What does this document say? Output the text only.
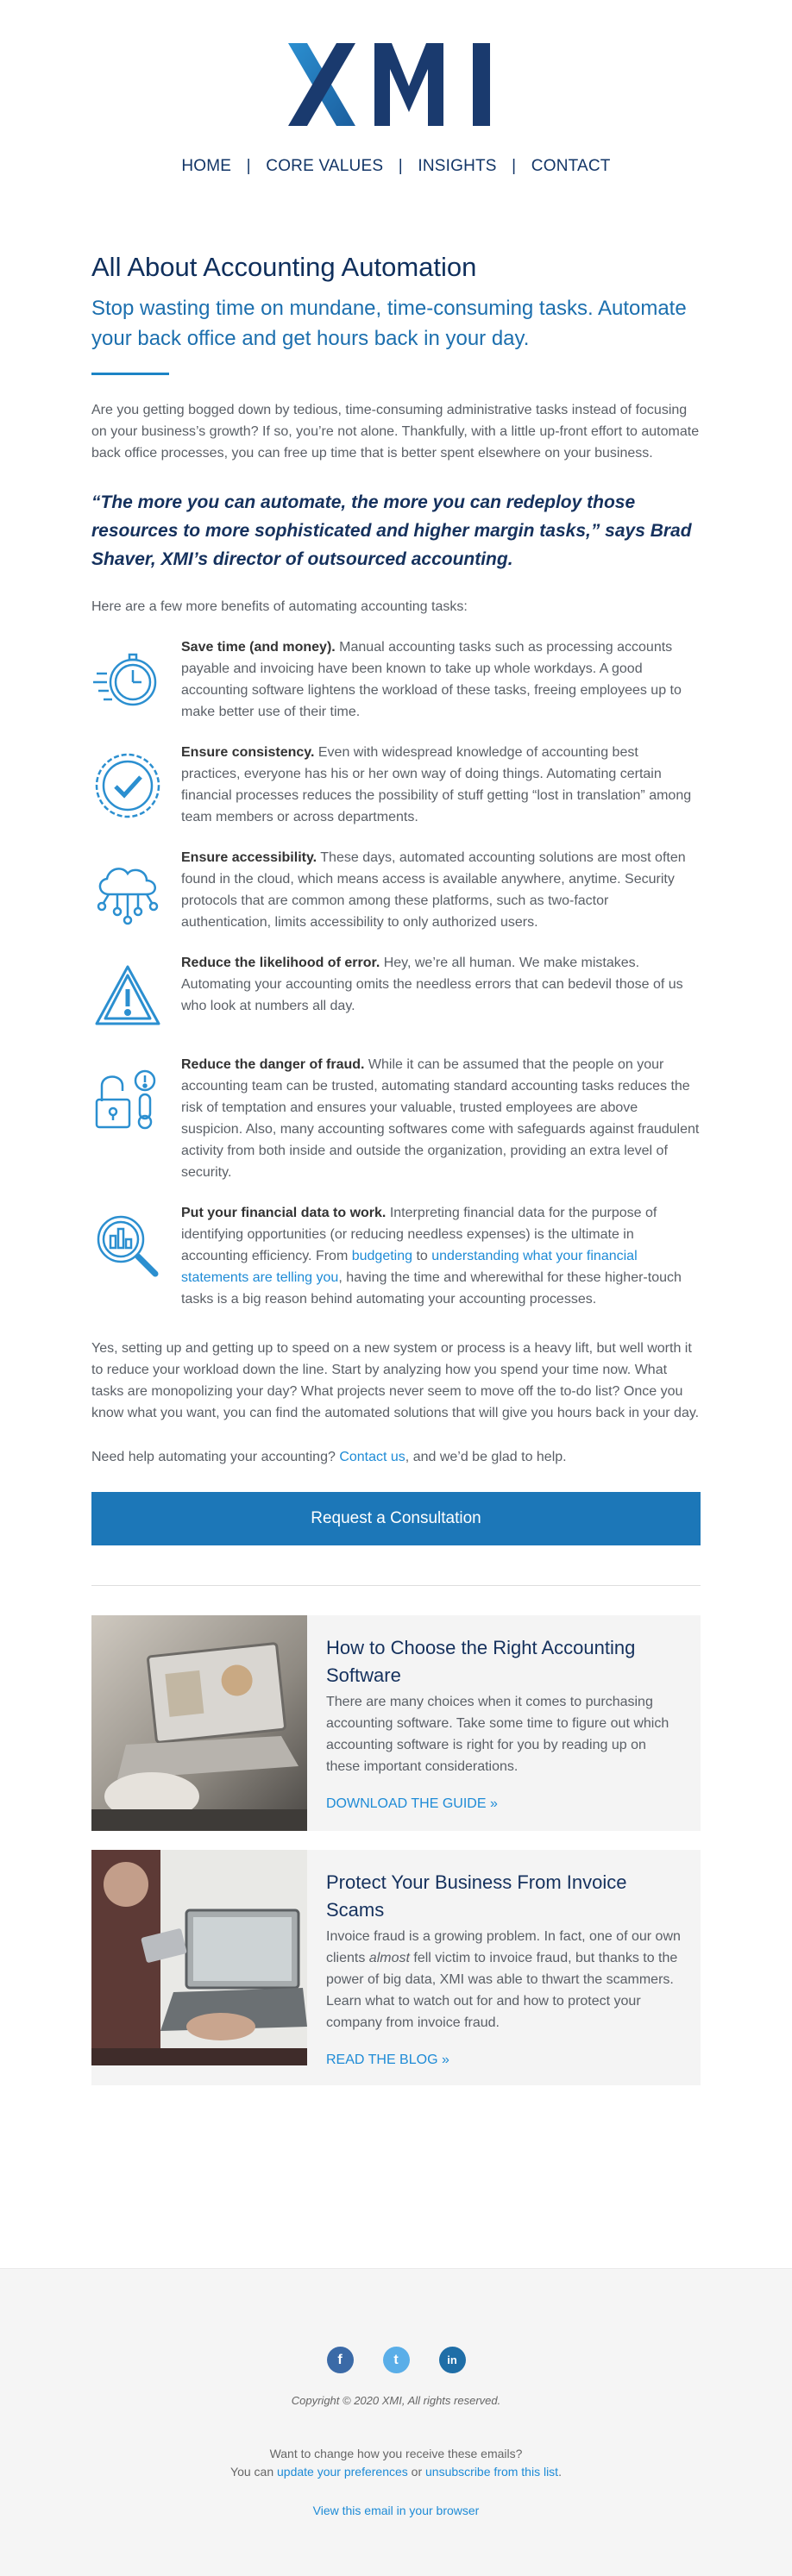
HOME | CORE VALUES | INSIGHTS | CONTACT
All About Accounting Automation
Stop wasting time on mundane, time-consuming tasks. Automate your back office and get hours back in your day.
Are you getting bogged down by tedious, time-consuming administrative tasks instead of focusing on your business’s growth? If so, you’re not alone. Thankfully, with a little up-front effort to automate back office processes, you can free up time that is better spent elsewhere on your business.
“The more you can automate, the more you can redeploy those resources to more sophisticated and higher margin tasks,” says Brad Shaver, XMI’s director of outsourced accounting.
Here are a few more benefits of automating accounting tasks:
Save time (and money). Manual accounting tasks such as processing accounts payable and invoicing have been known to take up whole workdays. A good accounting software lightens the workload of these tasks, freeing employees up to make better use of their time.
Ensure consistency. Even with widespread knowledge of accounting best practices, everyone has his or her own way of doing things. Automating certain financial processes reduces the possibility of stuff getting “lost in translation” among team members or across departments.
Ensure accessibility. These days, automated accounting solutions are most often found in the cloud, which means access is available anywhere, anytime. Security protocols that are common among these platforms, such as two-factor authentication, limits accessibility to only authorized users.
Reduce the likelihood of error. Hey, we’re all human. We make mistakes. Automating your accounting omits the needless errors that can bedevil those of us who look at numbers all day.
Reduce the danger of fraud. While it can be assumed that the people on your accounting team can be trusted, automating standard accounting tasks reduces the risk of temptation and ensures your valuable, trusted employees are above suspicion. Also, many accounting softwares come with safeguards against fraudulent activity from both inside and outside the organization, providing an extra level of security.
Put your financial data to work. Interpreting financial data for the purpose of identifying opportunities (or reducing needless expenses) is the ultimate in accounting efficiency. From budgeting to understanding what your financial statements are telling you, having the time and wherewithal for these higher-touch tasks is a big reason behind automating your accounting processes.
Yes, setting up and getting up to speed on a new system or process is a heavy lift, but well worth it to reduce your workload down the line. Start by analyzing how you spend your time now. What tasks are monopolizing your day? What projects never seem to move off the to-do list? Once you know what you want, you can find the automated solutions that will give you hours back in your day.
Need help automating your accounting? Contact us, and we’d be glad to help.
Request a Consultation
How to Choose the Right Accounting Software
There are many choices when it comes to purchasing accounting software. Take some time to figure out which accounting software is right for you by reading up on these important considerations.
DOWNLOAD THE GUIDE »
Protect Your Business From Invoice Scams
Invoice fraud is a growing problem. In fact, one of our own clients almost fell victim to invoice fraud, but thanks to the power of big data, XMI was able to thwart the scammers. Learn what to watch out for and how to protect your company from invoice fraud.
READ THE BLOG »
f	t	in
Copyright © 2020 XMI, All rights reserved.
Want to change how you receive these emails?
You can update your preferences or unsubscribe from this list.
View this email in your browser
